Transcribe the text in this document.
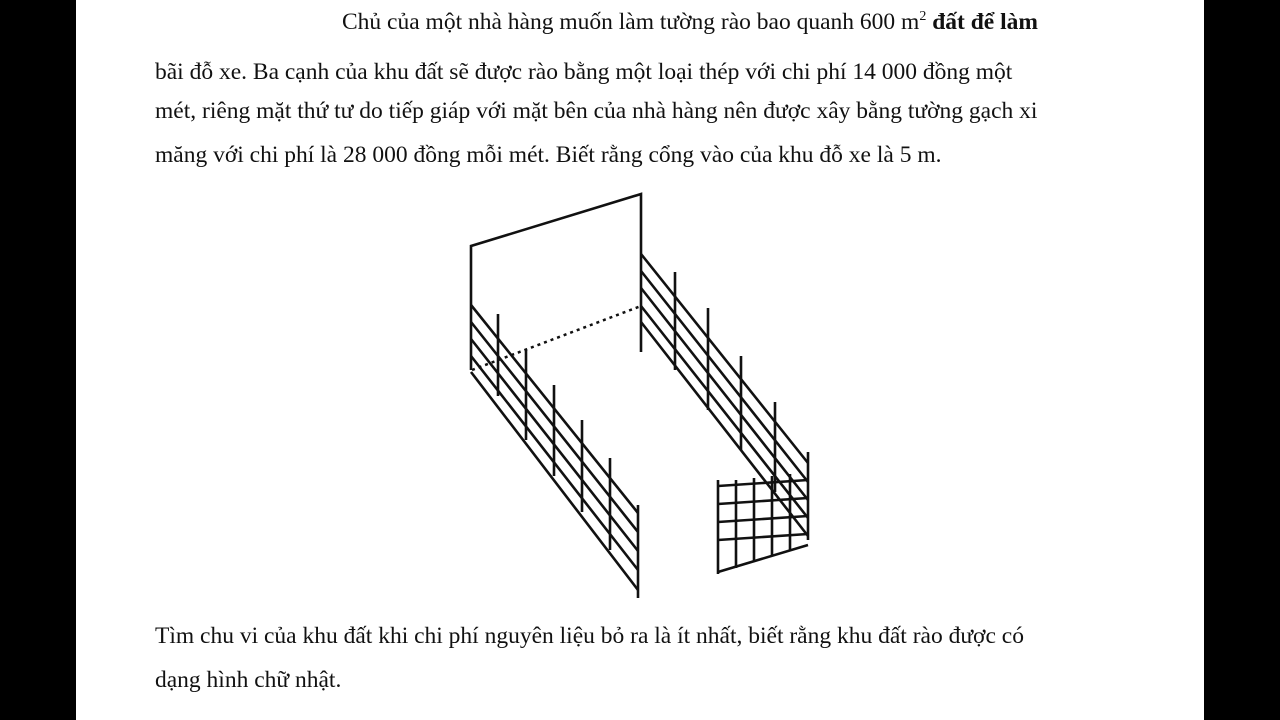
Chủ của một nhà hàng muốn làm tường rào bao quanh 600 $m^2$ đất để làm
bãi đỗ xe. Ba cạnh của khu đất sẽ được rào bằng một loại thép với chi phí 14 000 đồng một
mét, riêng mặt thứ tư do tiếp giáp với mặt bên của nhà hàng nên được xây bằng tường gạch xi
măng với chi phí là 28 000 đồng mỗi mét. Biết rằng cổng vào của khu đỗ xe là 5 m.
Tìm chu vi của khu đất khi chi phí nguyên liệu bỏ ra là ít nhất, biết rằng khu đất rào được có
dạng hình chữ nhật.
